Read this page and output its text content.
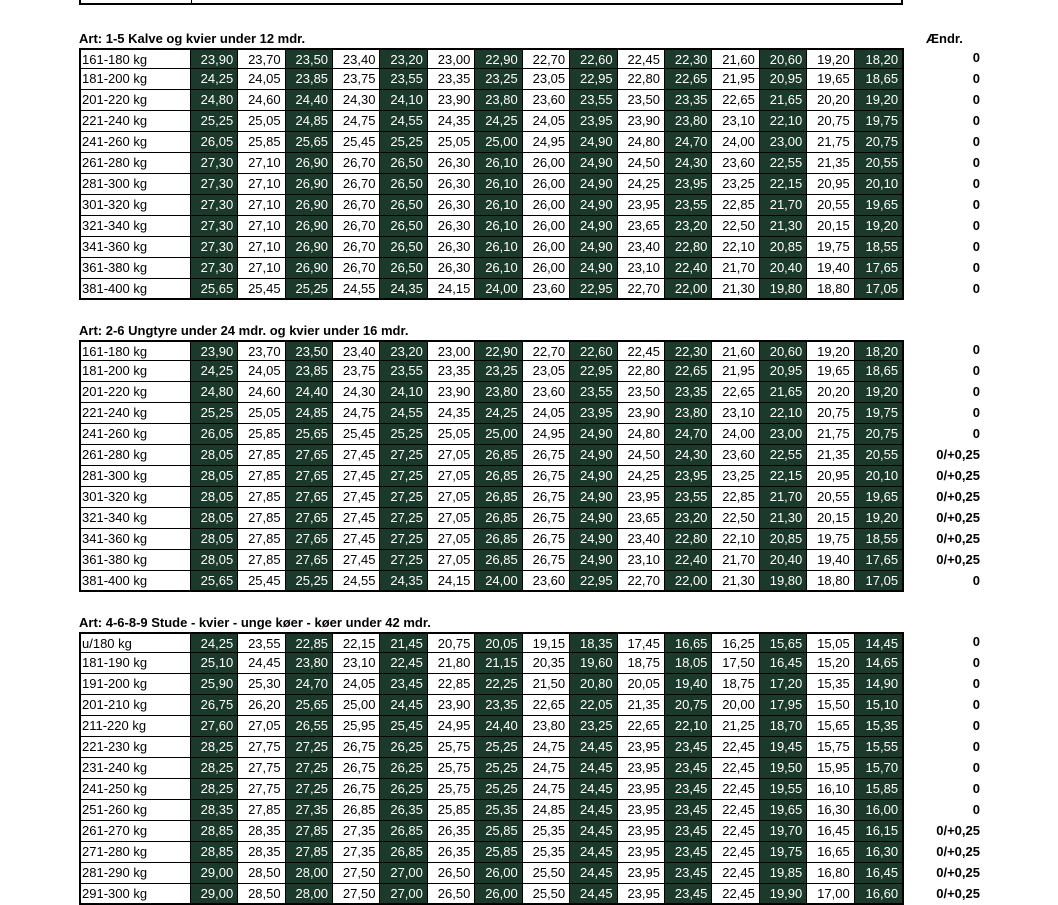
Art: 1-5 Kalve og kvier under 12 mdr.	Ændr.
161-180 kg	23,90	23,70	23,50	23,40	23,20	23,00	22,90	22,70	22,60	22,45	22,30	21,60	20,60	19,20	18,20	0
181-200 kg	24,25	24,05	23,85	23,75	23,55	23,35	23,25	23,05	22,95	22,80	22,65	21,95	20,95	19,65	18,65	0
201-220 kg	24,80	24,60	24,40	24,30	24,10	23,90	23,80	23,60	23,55	23,50	23,35	22,65	21,65	20,20	19,20	0
221-240 kg	25,25	25,05	24,85	24,75	24,55	24,35	24,25	24,05	23,95	23,90	23,80	23,10	22,10	20,75	19,75	0
241-260 kg	26,05	25,85	25,65	25,45	25,25	25,05	25,00	24,95	24,90	24,80	24,70	24,00	23,00	21,75	20,75	0
261-280 kg	27,30	27,10	26,90	26,70	26,50	26,30	26,10	26,00	24,90	24,50	24,30	23,60	22,55	21,35	20,55	0
281-300 kg	27,30	27,10	26,90	26,70	26,50	26,30	26,10	26,00	24,90	24,25	23,95	23,25	22,15	20,95	20,10	0
301-320 kg	27,30	27,10	26,90	26,70	26,50	26,30	26,10	26,00	24,90	23,95	23,55	22,85	21,70	20,55	19,65	0
321-340 kg	27,30	27,10	26,90	26,70	26,50	26,30	26,10	26,00	24,90	23,65	23,20	22,50	21,30	20,15	19,20	0
341-360 kg	27,30	27,10	26,90	26,70	26,50	26,30	26,10	26,00	24,90	23,40	22,80	22,10	20,85	19,75	18,55	0
361-380 kg	27,30	27,10	26,90	26,70	26,50	26,30	26,10	26,00	24,90	23,10	22,40	21,70	20,40	19,40	17,65	0
381-400 kg	25,65	25,45	25,25	24,55	24,35	24,15	24,00	23,60	22,95	22,70	22,00	21,30	19,80	18,80	17,05	0
Art: 2-6 Ungtyre under 24 mdr. og kvier under 16 mdr.
161-180 kg	23,90	23,70	23,50	23,40	23,20	23,00	22,90	22,70	22,60	22,45	22,30	21,60	20,60	19,20	18,20	0
181-200 kg	24,25	24,05	23,85	23,75	23,55	23,35	23,25	23,05	22,95	22,80	22,65	21,95	20,95	19,65	18,65	0
201-220 kg	24,80	24,60	24,40	24,30	24,10	23,90	23,80	23,60	23,55	23,50	23,35	22,65	21,65	20,20	19,20	0
221-240 kg	25,25	25,05	24,85	24,75	24,55	24,35	24,25	24,05	23,95	23,90	23,80	23,10	22,10	20,75	19,75	0
241-260 kg	26,05	25,85	25,65	25,45	25,25	25,05	25,00	24,95	24,90	24,80	24,70	24,00	23,00	21,75	20,75	0
261-280 kg	28,05	27,85	27,65	27,45	27,25	27,05	26,85	26,75	24,90	24,50	24,30	23,60	22,55	21,35	20,55	0/+0,25
281-300 kg	28,05	27,85	27,65	27,45	27,25	27,05	26,85	26,75	24,90	24,25	23,95	23,25	22,15	20,95	20,10	0/+0,25
301-320 kg	28,05	27,85	27,65	27,45	27,25	27,05	26,85	26,75	24,90	23,95	23,55	22,85	21,70	20,55	19,65	0/+0,25
321-340 kg	28,05	27,85	27,65	27,45	27,25	27,05	26,85	26,75	24,90	23,65	23,20	22,50	21,30	20,15	19,20	0/+0,25
341-360 kg	28,05	27,85	27,65	27,45	27,25	27,05	26,85	26,75	24,90	23,40	22,80	22,10	20,85	19,75	18,55	0/+0,25
361-380 kg	28,05	27,85	27,65	27,45	27,25	27,05	26,85	26,75	24,90	23,10	22,40	21,70	20,40	19,40	17,65	0/+0,25
381-400 kg	25,65	25,45	25,25	24,55	24,35	24,15	24,00	23,60	22,95	22,70	22,00	21,30	19,80	18,80	17,05	0
Art: 4-6-8-9 Stude - kvier - unge køer - køer under 42 mdr.
u/180 kg	24,25	23,55	22,85	22,15	21,45	20,75	20,05	19,15	18,35	17,45	16,65	16,25	15,65	15,05	14,45	0
181-190 kg	25,10	24,45	23,80	23,10	22,45	21,80	21,15	20,35	19,60	18,75	18,05	17,50	16,45	15,20	14,65	0
191-200 kg	25,90	25,30	24,70	24,05	23,45	22,85	22,25	21,50	20,80	20,05	19,40	18,75	17,20	15,35	14,90	0
201-210 kg	26,75	26,20	25,65	25,00	24,45	23,90	23,35	22,65	22,05	21,35	20,75	20,00	17,95	15,50	15,10	0
211-220 kg	27,60	27,05	26,55	25,95	25,45	24,95	24,40	23,80	23,25	22,65	22,10	21,25	18,70	15,65	15,35	0
221-230 kg	28,25	27,75	27,25	26,75	26,25	25,75	25,25	24,75	24,45	23,95	23,45	22,45	19,45	15,75	15,55	0
231-240 kg	28,25	27,75	27,25	26,75	26,25	25,75	25,25	24,75	24,45	23,95	23,45	22,45	19,50	15,95	15,70	0
241-250 kg	28,25	27,75	27,25	26,75	26,25	25,75	25,25	24,75	24,45	23,95	23,45	22,45	19,55	16,10	15,85	0
251-260 kg	28,35	27,85	27,35	26,85	26,35	25,85	25,35	24,85	24,45	23,95	23,45	22,45	19,65	16,30	16,00	0
261-270 kg	28,85	28,35	27,85	27,35	26,85	26,35	25,85	25,35	24,45	23,95	23,45	22,45	19,70	16,45	16,15	0/+0,25
271-280 kg	28,85	28,35	27,85	27,35	26,85	26,35	25,85	25,35	24,45	23,95	23,45	22,45	19,75	16,65	16,30	0/+0,25
281-290 kg	29,00	28,50	28,00	27,50	27,00	26,50	26,00	25,50	24,45	23,95	23,45	22,45	19,85	16,80	16,45	0/+0,25
291-300 kg	29,00	28,50	28,00	27,50	27,00	26,50	26,00	25,50	24,45	23,95	23,45	22,45	19,90	17,00	16,60	0/+0,25
